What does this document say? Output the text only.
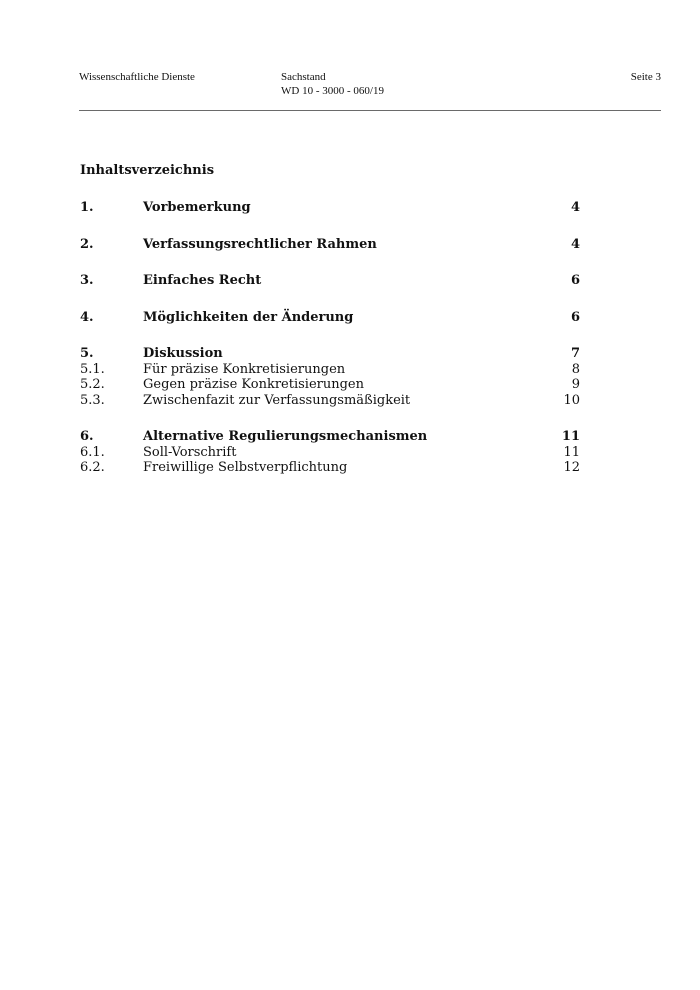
Wissenschaftliche Dienste	Sachstand
WD 10 - 3000 - 060/19
Seite 3
Inhaltsverzeichnis
1.	Vorbemerkung	4
2.	Verfassungsrechtlicher Rahmen	4
3.	Einfaches Recht	6
4.	Möglichkeiten der Änderung	6
5.	Diskussion	7
5.1.	Für präzise Konkretisierungen	8
5.2.	Gegen präzise Konkretisierungen	9
5.3.	Zwischenfazit zur Verfassungsmäßigkeit	10
6.	Alternative Regulierungsmechanismen	11
6.1.	Soll-Vorschrift	11
6.2.	Freiwillige Selbstverpflichtung	12
